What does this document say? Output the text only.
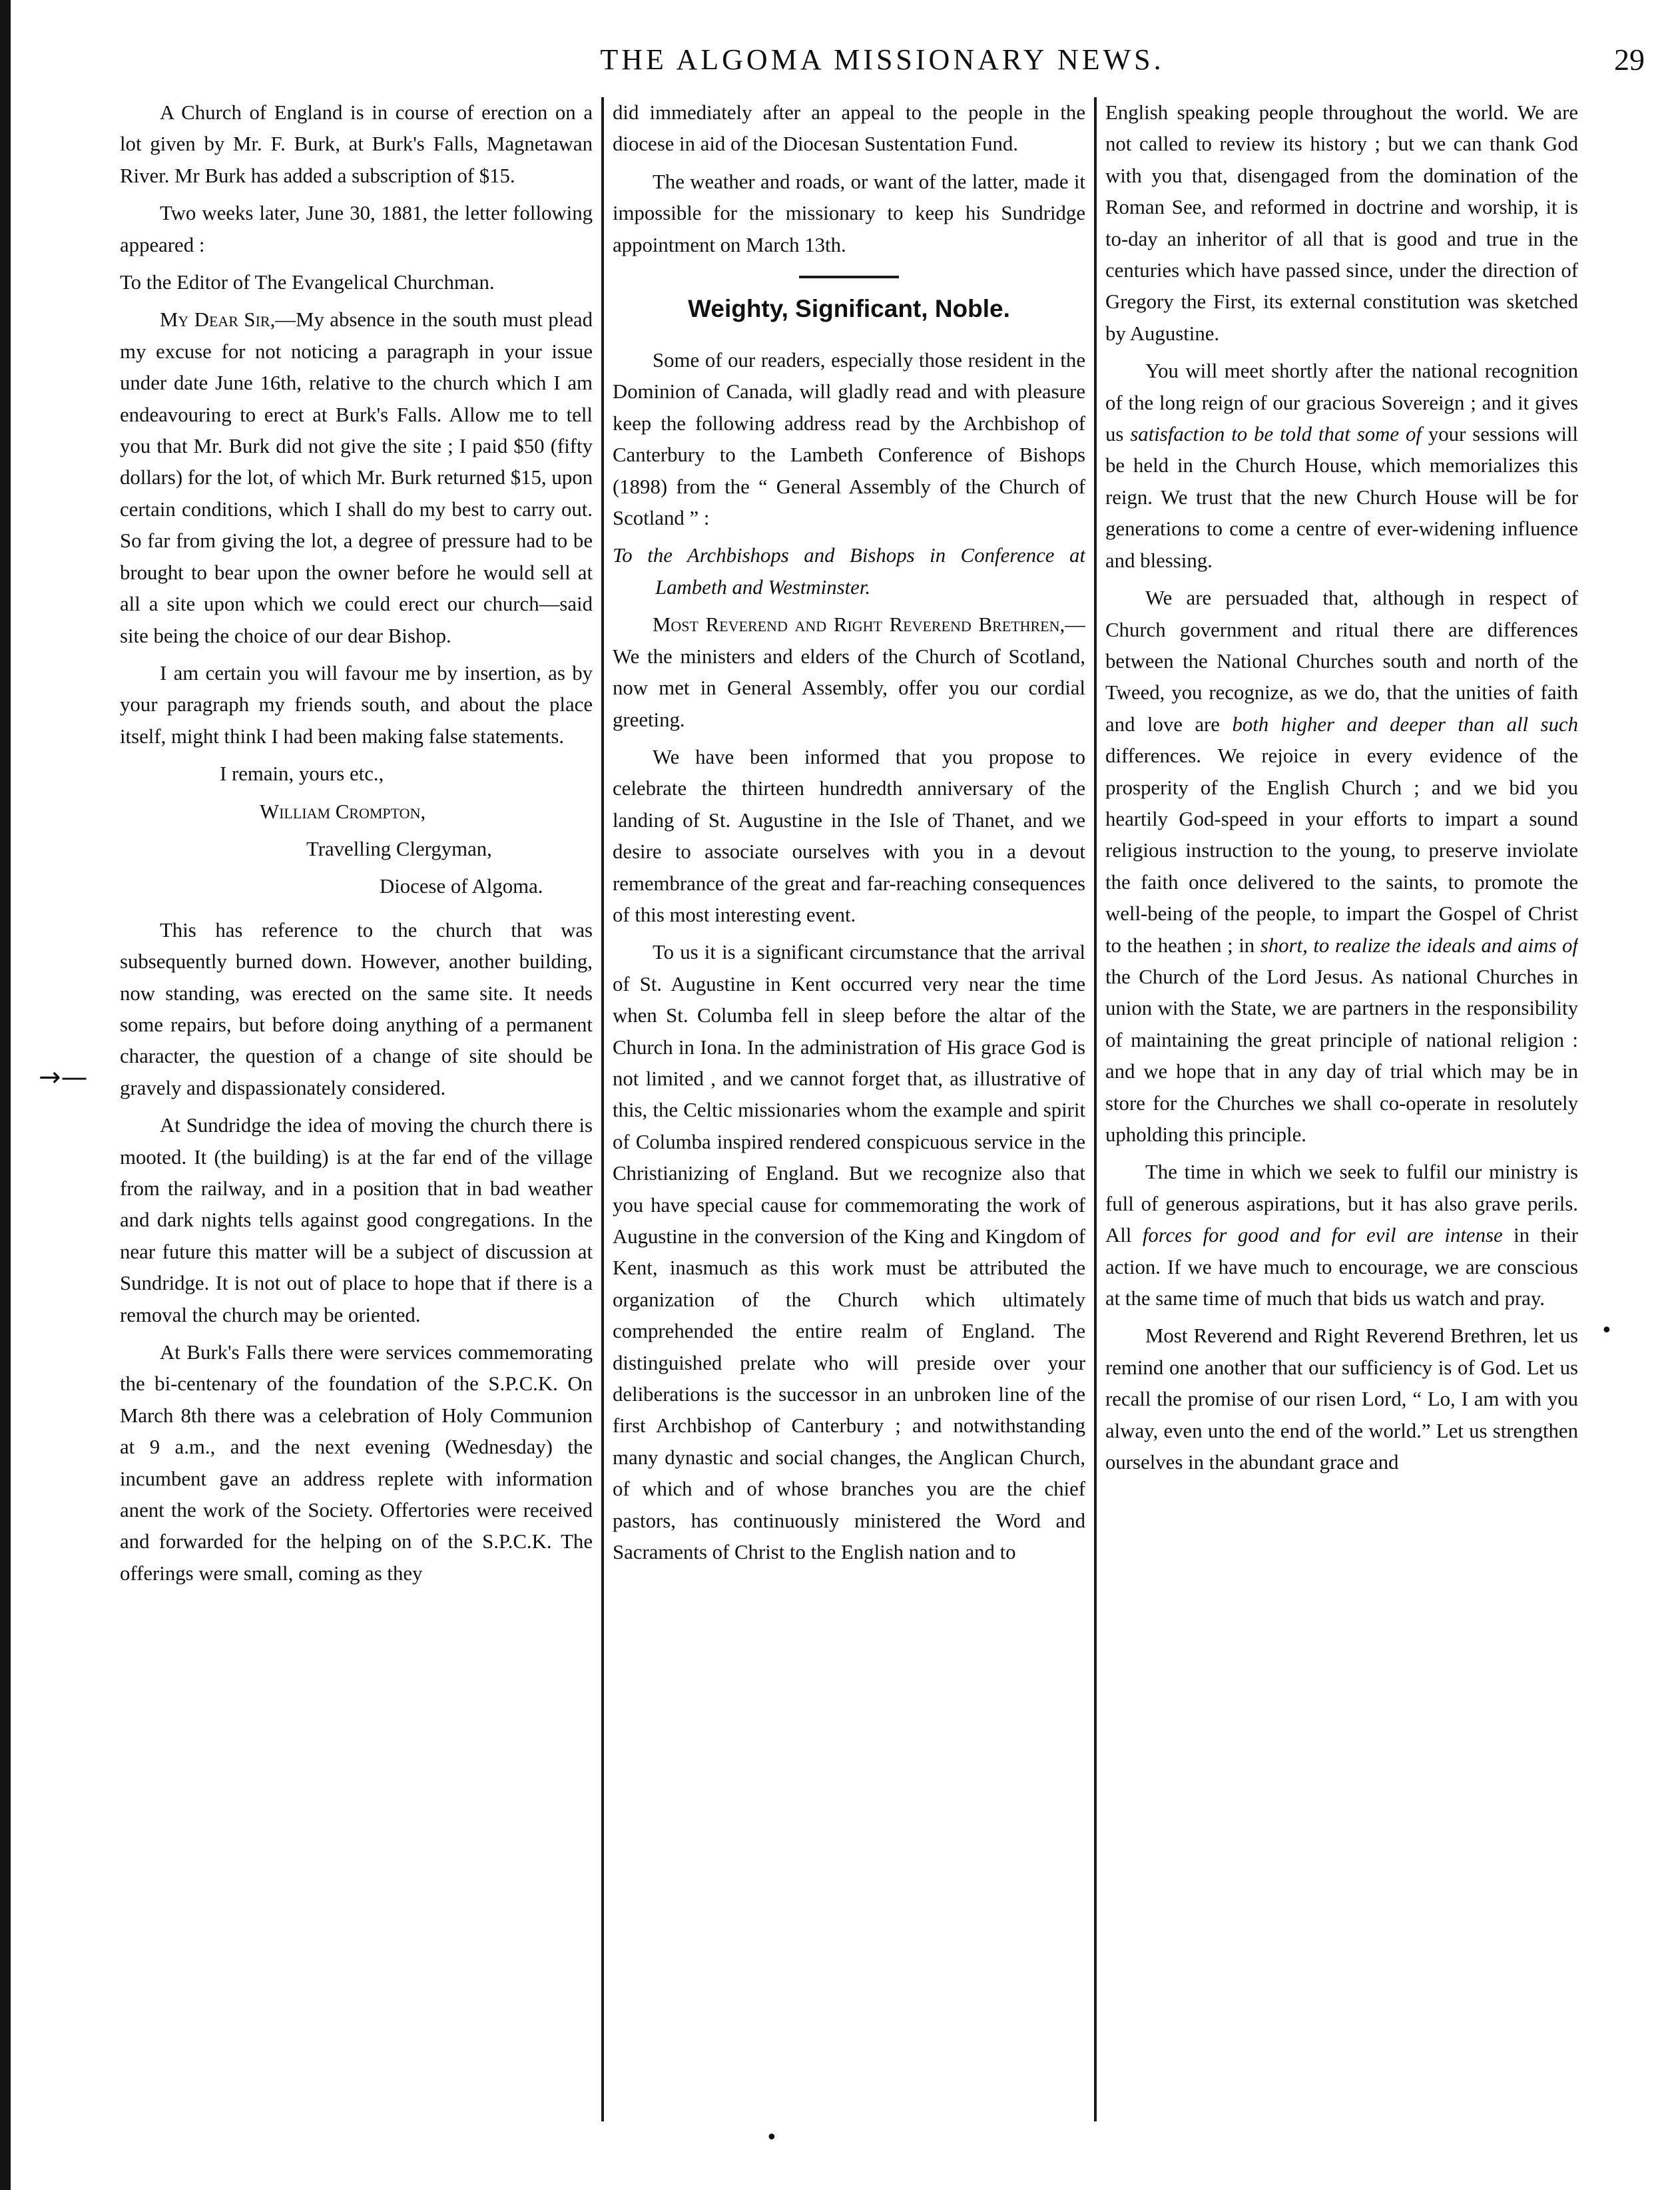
THE ALGOMA MISSIONARY NEWS.	29
→—
•
•

A Church of England is in course of erection on a lot given by Mr. F. Burk, at Burk's Falls, Magnetawan River. Mr Burk has added a subscription of $15.

Two weeks later, June 30, 1881, the letter following appeared :

To the Editor of The Evangelical Churchman.

My Dear Sir,—My absence in the south must plead my excuse for not noticing a paragraph in your issue under date June 16th, relative to the church which I am endeavouring to erect at Burk's Falls. Allow me to tell you that Mr. Burk did not give the site ; I paid $50 (fifty dollars) for the lot, of which Mr. Burk returned $15, upon certain conditions, which I shall do my best to carry out. So far from giving the lot, a degree of pressure had to be brought to bear upon the owner before he would sell at all a site upon which we could erect our church—said site being the choice of our dear Bishop.

I am certain you will favour me by insertion, as by your paragraph my friends south, and about the place itself, might think I had been making false statements.

I remain, yours etc.,

William Crompton,

Travelling Clergyman,

Diocese of Algoma.

This has reference to the church that was subsequently burned down. However, another building, now standing, was erected on the same site. It needs some repairs, but before doing anything of a permanent character, the question of a change of site should be gravely and dispassionately considered.

At Sundridge the idea of moving the church there is mooted. It (the building) is at the far end of the village from the railway, and in a position that in bad weather and dark nights tells against good congregations. In the near future this matter will be a subject of discussion at Sundridge. It is not out of place to hope that if there is a removal the church may be oriented.

At Burk's Falls there were services commemorating the bi-centenary of the foundation of the S.P.C.K. On March 8th there was a celebration of Holy Communion at 9 a.m., and the next evening (Wednesday) the incumbent gave an address replete with information anent the work of the Society. Offertories were received and forwarded for the helping on of the S.P.C.K. The offerings were small, coming as they

did immediately after an appeal to the people in the diocese in aid of the Diocesan Sustentation Fund.

The weather and roads, or want of the latter, made it impossible for the missionary to keep his Sundridge appointment on March 13th.

Weighty, Significant, Noble.

Some of our readers, especially those resident in the Dominion of Canada, will gladly read and with pleasure keep the following address read by the Archbishop of Canterbury to the Lambeth Conference of Bishops (1898) from the “ General Assembly of the Church of Scotland ” :

To the Archbishops and Bishops in Conference at Lambeth and Westminster.

Most Reverend and Right Reverend Brethren,—We the ministers and elders of the Church of Scotland, now met in General Assembly, offer you our cordial greeting.

We have been informed that you propose to celebrate the thirteen hundredth anniversary of the landing of St. Augustine in the Isle of Thanet, and we desire to associate ourselves with you in a devout remembrance of the great and far-reaching consequences of this most interesting event.

To us it is a significant circumstance that the arrival of St. Augustine in Kent occurred very near the time when St. Columba fell in sleep before the altar of the Church in Iona. In the administration of His grace God is not limited , and we cannot forget that, as illustrative of this, the Celtic missionaries whom the example and spirit of Columba inspired rendered conspicuous service in the Christianizing of England. But we recognize also that you have special cause for commemorating the work of Augustine in the conversion of the King and Kingdom of Kent, inasmuch as this work must be attributed the organization of the Church which ultimately comprehended the entire realm of England. The distinguished prelate who will preside over your deliberations is the successor in an unbroken line of the first Archbishop of Canterbury ; and notwithstanding many dynastic and social changes, the Anglican Church, of which and of whose branches you are the chief pastors, has continuously ministered the Word and Sacraments of Christ to the English nation and to

English speaking people throughout the world. We are not called to review its history ; but we can thank God with you that, disengaged from the domination of the Roman See, and reformed in doctrine and worship, it is to-day an inheritor of all that is good and true in the centuries which have passed since, under the direction of Gregory the First, its external constitution was sketched by Augustine.

You will meet shortly after the national recognition of the long reign of our gracious Sovereign ; and it gives us satisfaction to be told that some of your sessions will be held in the Church House, which memorializes this reign. We trust that the new Church House will be for generations to come a centre of ever-widening influence and blessing.

We are persuaded that, although in respect of Church government and ritual there are differences between the National Churches south and north of the Tweed, you recognize, as we do, that the unities of faith and love are both higher and deeper than all such differences. We rejoice in every evidence of the prosperity of the English Church ; and we bid you heartily God-speed in your efforts to impart a sound religious instruction to the young, to preserve inviolate the faith once delivered to the saints, to promote the well-being of the people, to impart the Gospel of Christ to the heathen ; in short, to realize the ideals and aims of the Church of the Lord Jesus. As national Churches in union with the State, we are partners in the responsibility of maintaining the great principle of national religion : and we hope that in any day of trial which may be in store for the Churches we shall co-operate in resolutely upholding this principle.

The time in which we seek to fulfil our ministry is full of generous aspirations, but it has also grave perils. All forces for good and for evil are intense in their action. If we have much to encourage, we are conscious at the same time of much that bids us watch and pray.

Most Reverend and Right Reverend Brethren, let us remind one another that our sufficiency is of God. Let us recall the promise of our risen Lord, “ Lo, I am with you alway, even unto the end of the world.” Let us strengthen ourselves in the abundant grace and
